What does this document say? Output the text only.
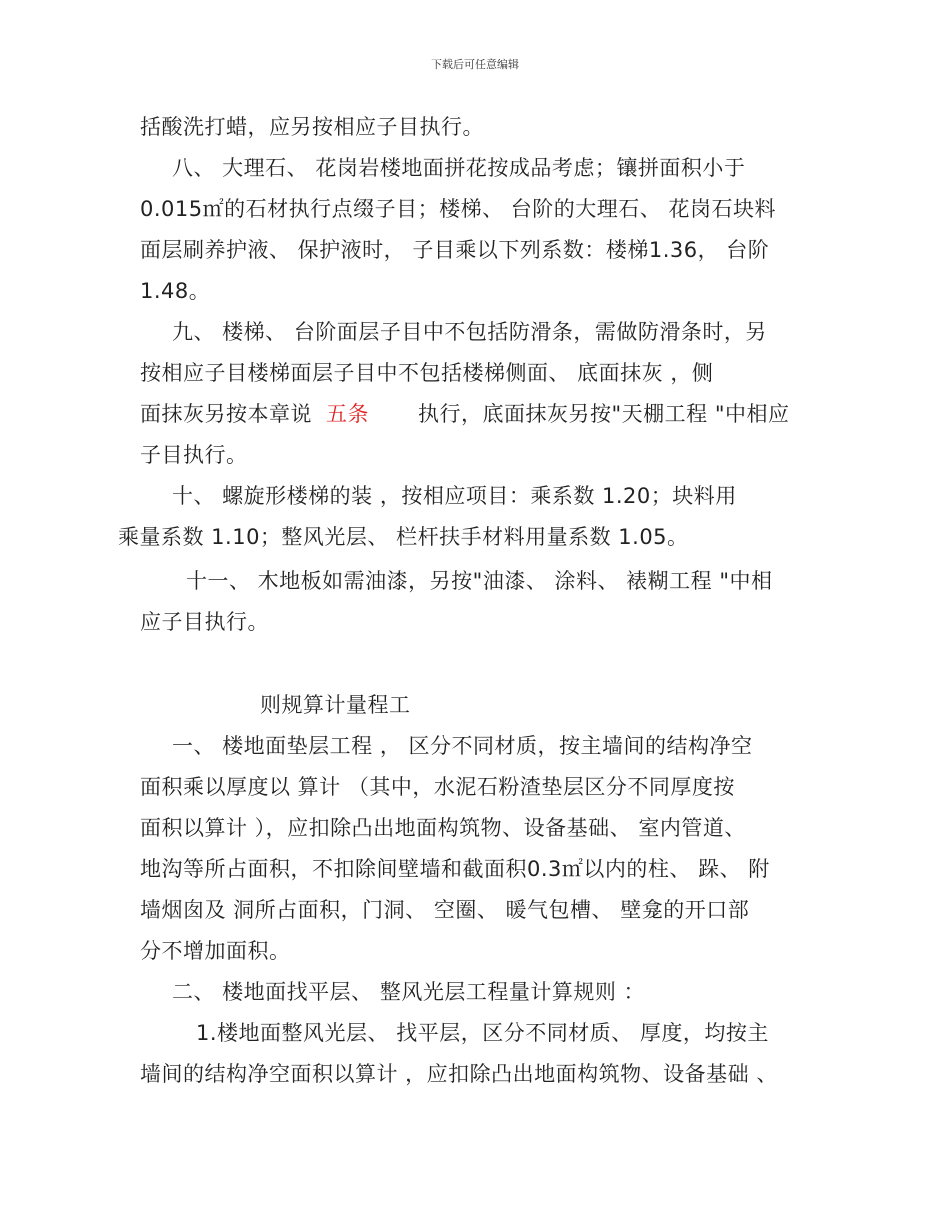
下载后可任意编辑
括酸洗打蜡，应另按相应子目执行。
八、 大理石、 花岗岩楼地面拼花按成品考虑；镶拼面积小于
0.015㎡的石材执行点缀子目；楼梯、 台阶的大理石、 花岗石块料
面层刷养护液、 保护液时， 子目乘以下列系数：楼梯1.36， 台阶
1.48。
九、 楼梯、 台阶面层子目中不包括防滑条，需做防滑条时，另
按相应子目楼梯面层子目中不包括楼梯侧面、 底面抹灰 ，侧
面抹灰另按本章说 五条 执行，底面抹灰另按"天棚工程 "中相应
子目执行。
十、 螺旋形楼梯的装 ，按相应项目：乘系数 1.20；块料用
乘量系数 1.10；整风光层、 栏杆扶手材料用量系数 1.05。
十一、 木地板如需油漆，另按"油漆、 涂料、 裱糊工程 "中相
应子目执行。
则规算计量程工
一、 楼地面垫层工程 ， 区分不同材质，按主墙间的结构净空
面积乘以厚度以 算计 （其中，水泥石粉渣垫层区分不同厚度按
面积以算计 ），应扣除凸出地面构筑物、设备基础、 室内管道、
地沟等所占面积，不扣除间壁墙和截面积0.3㎡以内的柱、 跺、 附
墙烟囱及 洞所占面积，门洞、 空圈、 暖气包槽、 壁龛的开口部
分不增加面积。
二、 楼地面找平层、 整风光层工程量计算规则 ：
1.楼地面整风光层、 找平层，区分不同材质、 厚度，均按主
墙间的结构净空面积以算计 ，应扣除凸出地面构筑物、设备基础 、
